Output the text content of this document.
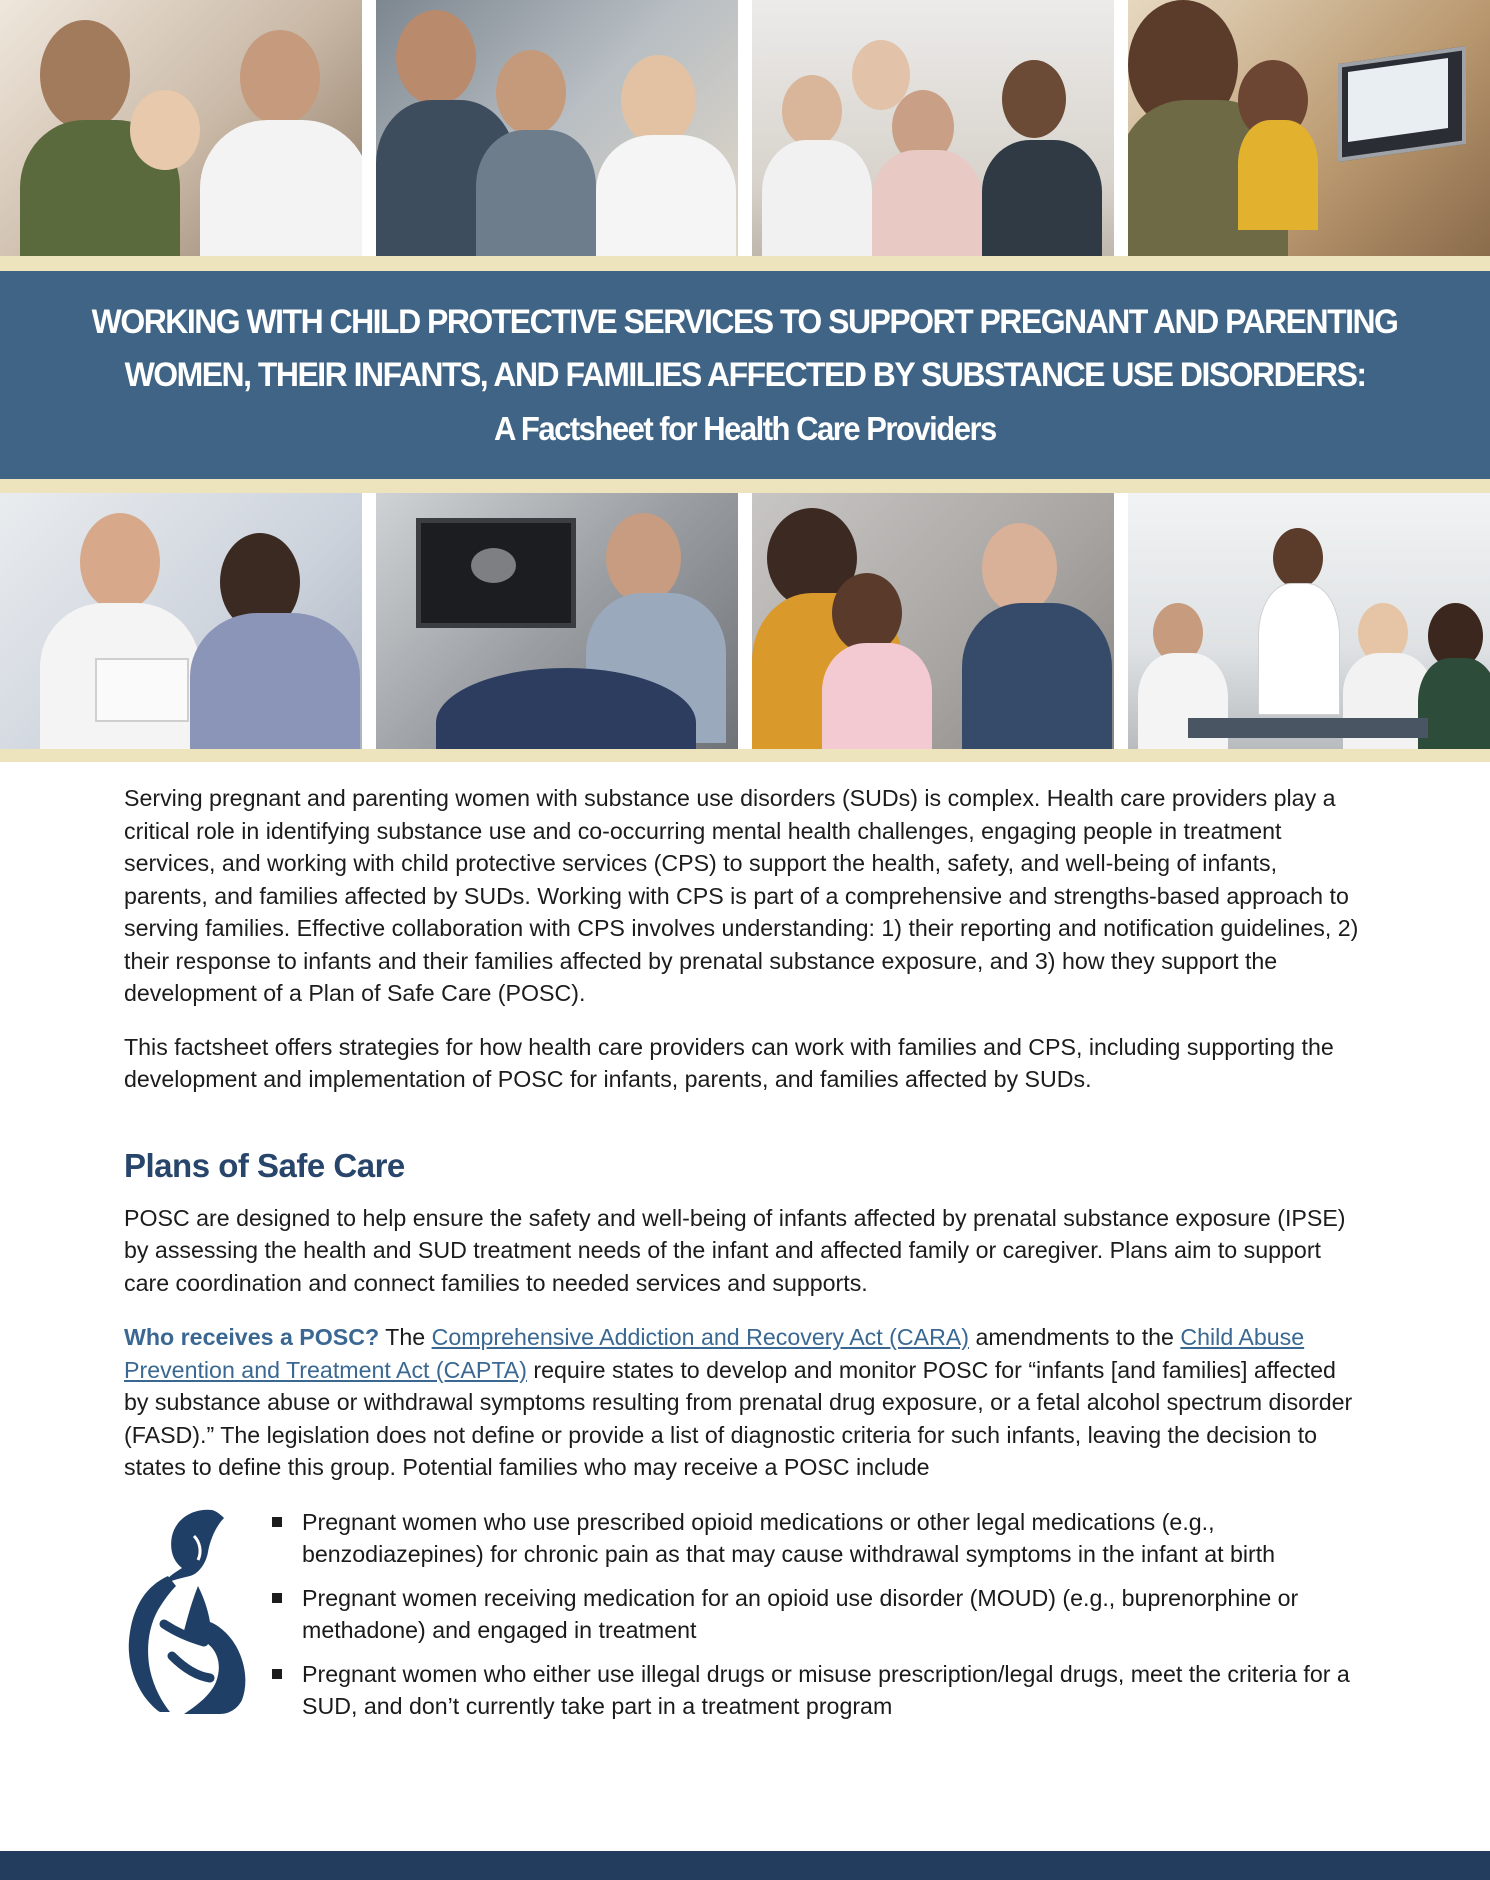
WORKING WITH CHILD PROTECTIVE SERVICES TO SUPPORT PREGNANT AND PARENTING
WOMEN, THEIR INFANTS, AND FAMILIES AFFECTED BY SUBSTANCE USE DISORDERS:
A Factsheet for Health Care Providers

Serving pregnant and parenting women with substance use disorders (SUDs) is complex. Health care providers play a critical role in identifying substance use and co-occurring mental health challenges, engaging people in treatment services, and working with child protective services (CPS) to support the health, safety, and well-being of infants, parents, and families affected by SUDs. Working with CPS is part of a comprehensive and strengths-based approach to serving families. Effective collaboration with CPS involves understanding: 1) their reporting and notification guidelines, 2) their response to infants and their families affected by prenatal substance exposure, and 3) how they support the development of a Plan of Safe Care (POSC).

This factsheet offers strategies for how health care providers can work with families and CPS, including supporting the development and implementation of POSC for infants, parents, and families affected by SUDs.

Plans of Safe Care

POSC are designed to help ensure the safety and well-being of infants affected by prenatal substance exposure (IPSE) by assessing the health and SUD treatment needs of the infant and affected family or caregiver. Plans aim to support care coordination and connect families to needed services and supports.

Who receives a POSC? The Comprehensive Addiction and Recovery Act (CARA) amendments to the Child Abuse Prevention and Treatment Act (CAPTA) require states to develop and monitor POSC for “infants [and families] affected by substance abuse or withdrawal symptoms resulting from prenatal drug exposure, or a fetal alcohol spectrum disorder (FASD).” The legislation does not define or provide a list of diagnostic criteria for such infants, leaving the decision to states to define this group. Potential families who may receive a POSC include

Pregnant women who use prescribed opioid medications or other legal medications (e.g., benzodiazepines) for chronic pain as that may cause withdrawal symptoms in the infant at birth
Pregnant women receiving medication for an opioid use disorder (MOUD) (e.g., buprenorphine or methadone) and engaged in treatment
Pregnant women who either use illegal drugs or misuse prescription/legal drugs, meet the criteria for a SUD, and don’t currently take part in a treatment program
